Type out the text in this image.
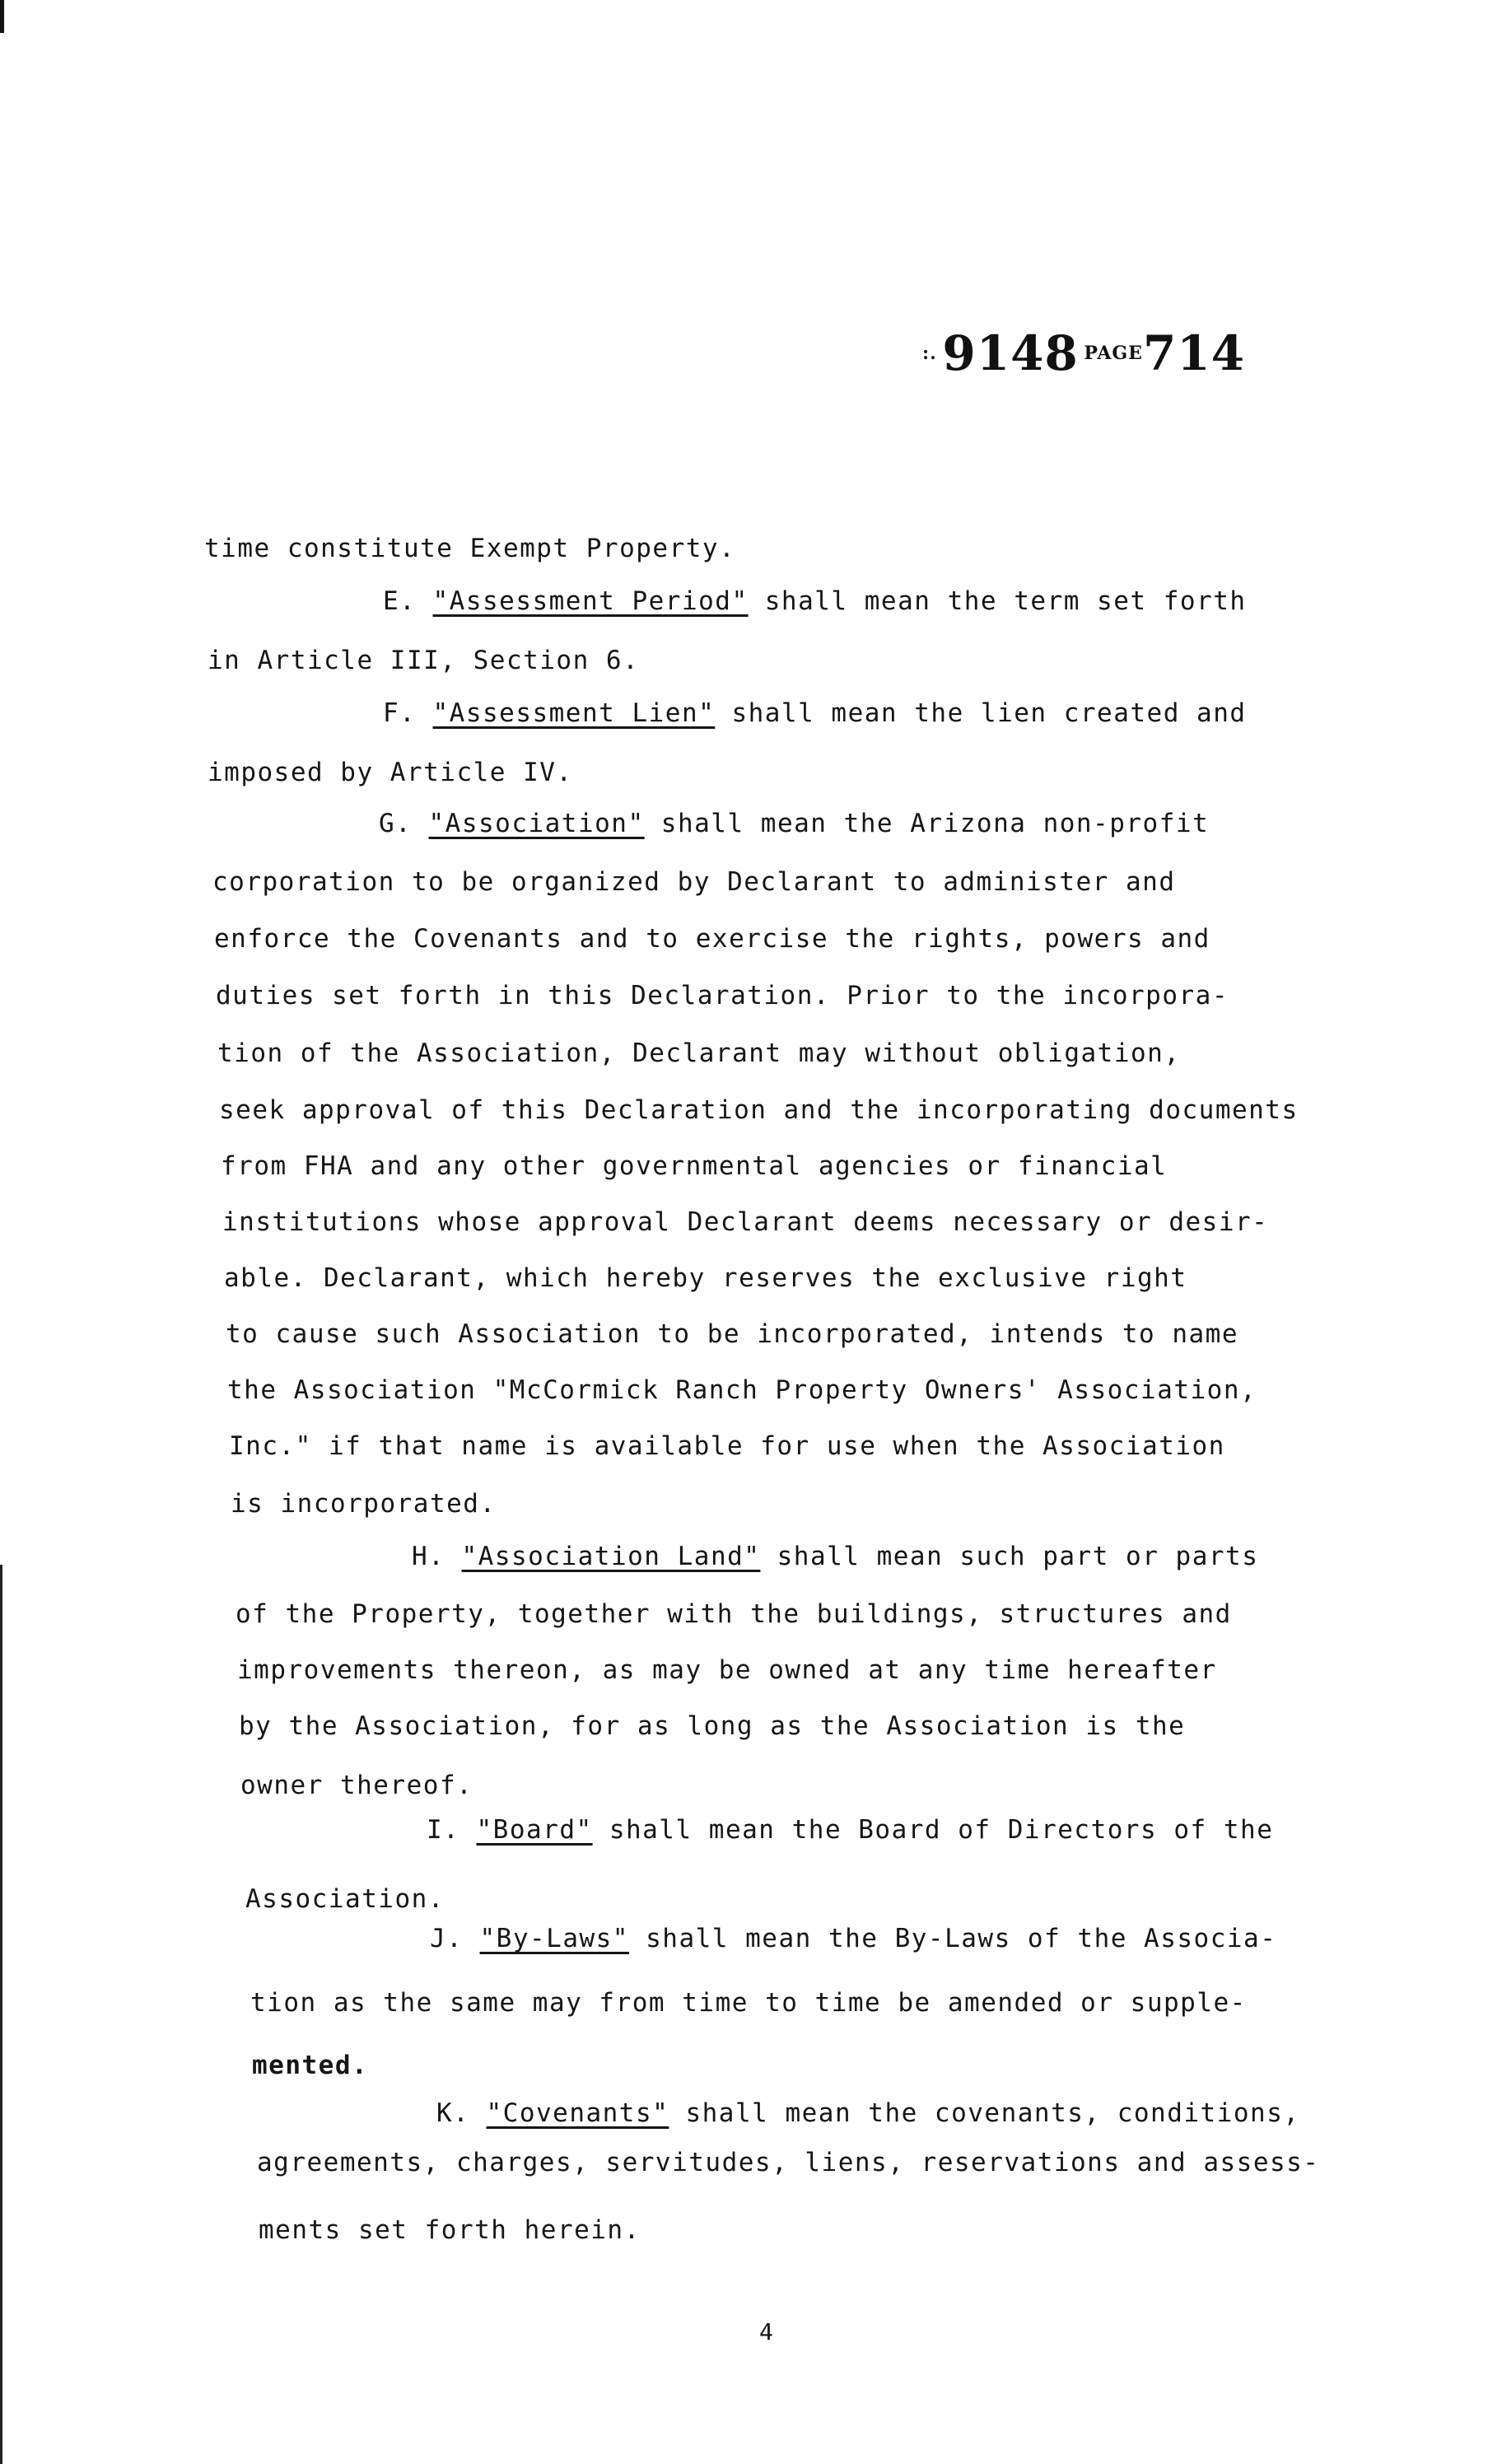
:. 9148 PAGE714
time constitute Exempt Property.
E. "Assessment Period" shall mean the term set forth
in Article III, Section 6.
F. "Assessment Lien" shall mean the lien created and
imposed by Article IV.
G. "Association" shall mean the Arizona non-profit
corporation to be organized by Declarant to administer and
enforce the Covenants and to exercise the rights, powers and
duties set forth in this Declaration. Prior to the incorpora-
tion of the Association, Declarant may without obligation,
seek approval of this Declaration and the incorporating documents
from FHA and any other governmental agencies or financial
institutions whose approval Declarant deems necessary or desir-
able. Declarant, which hereby reserves the exclusive right
to cause such Association to be incorporated, intends to name
the Association "McCormick Ranch Property Owners' Association,
Inc." if that name is available for use when the Association
is incorporated.
H. "Association Land" shall mean such part or parts
of the Property, together with the buildings, structures and
improvements thereon, as may be owned at any time hereafter
by the Association, for as long as the Association is the
owner thereof.
I. "Board" shall mean the Board of Directors of the
Association.
J. "By-Laws" shall mean the By-Laws of the Associa-
tion as the same may from time to time be amended or supple-
mented.
K. "Covenants" shall mean the covenants, conditions,
agreements, charges, servitudes, liens, reservations and assess-
ments set forth herein.
4
